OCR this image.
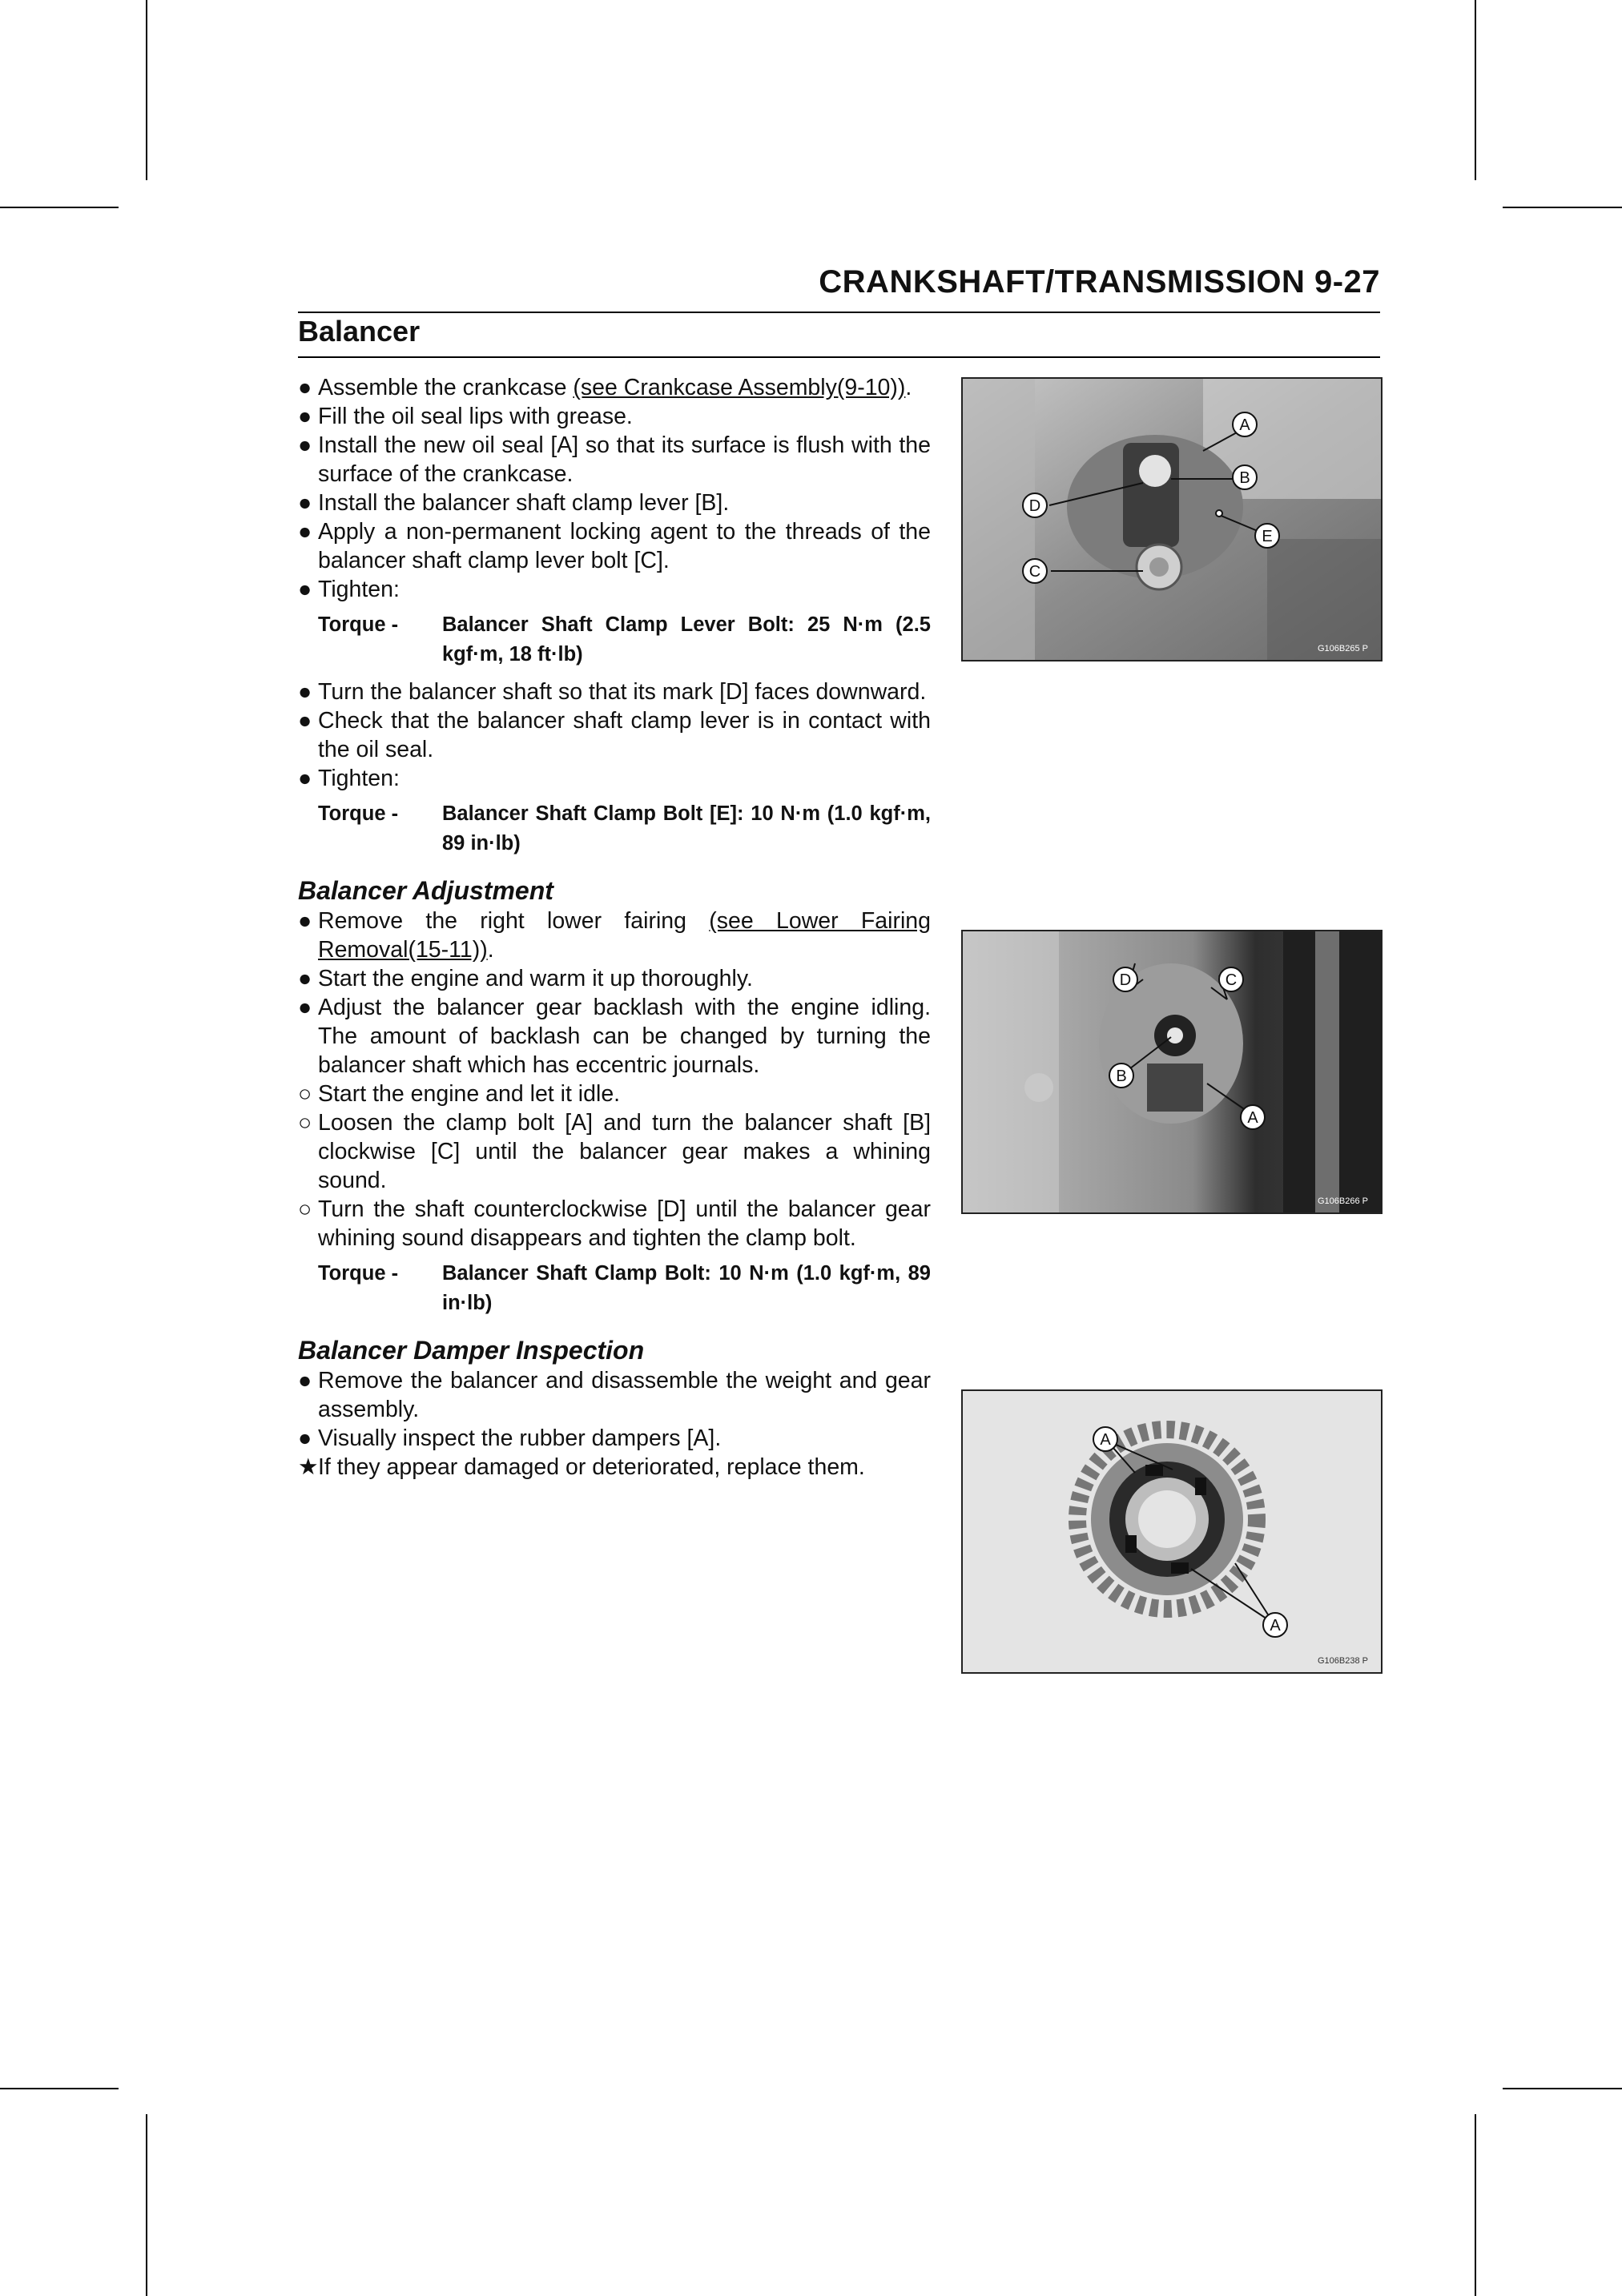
CRANKSHAFT/TRANSMISSION 9-27
Balancer
● Assemble the crankcase (see Crankcase Assembly(9-10)).
● Fill the oil seal lips with grease.
● Install the new oil seal [A] so that its surface is flush with the surface of the crankcase.
● Install the balancer shaft clamp lever [B].
● Apply a non-permanent locking agent to the threads of the balancer shaft clamp lever bolt [C].
● Tighten:
Torque -	Balancer Shaft Clamp Lever Bolt: 25 N·m (2.5 kgf·m, 18 ft·lb)
● Turn the balancer shaft so that its mark [D] faces downward.
● Check that the balancer shaft clamp lever is in contact with the oil seal.
● Tighten:
Torque -	Balancer Shaft Clamp Bolt [E]: 10 N·m (1.0 kgf·m, 89 in·lb)
Balancer Adjustment
● Remove the right lower fairing (see Lower Fairing Removal(15-11)).
● Start the engine and warm it up thoroughly.
● Adjust the balancer gear backlash with the engine idling. The amount of backlash can be changed by turning the balancer shaft which has eccentric journals.
○ Start the engine and let it idle.
○ Loosen the clamp bolt [A] and turn the balancer shaft [B] clockwise [C] until the balancer gear makes a whining sound.
○ Turn the shaft counterclockwise [D] until the balancer gear whining sound disappears and tighten the clamp bolt.
Torque -	Balancer Shaft Clamp Bolt: 10 N·m (1.0 kgf·m, 89 in·lb)
Balancer Damper Inspection
● Remove the balancer and disassemble the weight and gear assembly.
● Visually inspect the rubber dampers [A].
★ If they appear damaged or deteriorated, replace them.
A
B
C
D
E
G106B265 P
D	C
B
A
G106B266 P
A
A
G106B238 P
